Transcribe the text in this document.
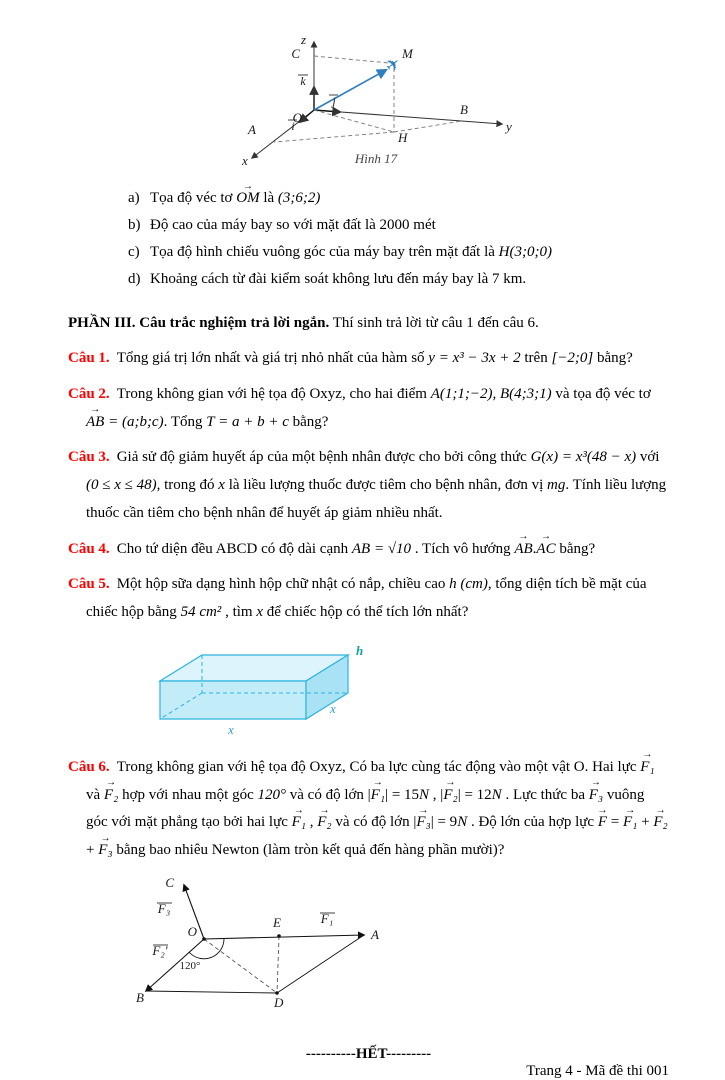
✈
z
y
x
O
C	M
B
A
H
k
j
i
Hình 17
a) Tọa độ véc tơ OM → là (3;6;2)
b) Độ cao của máy bay so với mặt đất là 2000 mét
c) Tọa độ hình chiếu vuông góc của máy bay trên mặt đất là H(3;0;0)
d) Khoảng cách từ đài kiểm soát không lưu đến máy bay là 7 km.
PHẦN III. Câu trắc nghiệm trả lời ngắn. Thí sinh trả lời từ câu 1 đến câu 6.
Câu 1. Tổng giá trị lớn nhất và giá trị nhỏ nhất của hàm số y = x³ − 3x + 2 trên [−2;0] bằng?
Câu 2. Trong không gian với hệ tọa độ Oxyz, cho hai điểm A(1;1;−2), B(4;3;1) và tọa độ véc tơ AB → = (a;b;c). Tổng T = a + b + c bằng?
Câu 3. Giả sử độ giảm huyết áp của một bệnh nhân được cho bởi công thức G(x) = x³(48 − x) với (0 ≤ x ≤ 48), trong đó x là liều lượng thuốc được tiêm cho bệnh nhân, đơn vị mg. Tính liều lượng thuốc cần tiêm cho bệnh nhân để huyết áp giảm nhiều nhất.
Câu 4. Cho tứ diện đều ABCD có độ dài cạnh AB = √10 . Tích vô hướng AB →.AC → bằng?
Câu 5. Một hộp sữa dạng hình hộp chữ nhật có nắp, chiều cao h (cm), tổng diện tích bề mặt của chiếc hộp bằng 54 cm² , tìm x để chiếc hộp có thể tích lớn nhất?
h
x
x
Câu 6. Trong không gian với hệ tọa độ Oxyz, Có ba lực cùng tác động vào một vật O. Hai lực F₁ → và F₂ → hợp với nhau một góc 120° và có độ lớn |F₁ →| = 15N , |F₂ →| = 12N . Lực thức ba F₃ → vuông góc với mặt phẳng tạo bởi hai lực F₁ → , F₂ → và có độ lớn |F₃ →| = 9N . Độ lớn của hợp lực F → = F₁ → + F₂ → + F₃ → bằng bao nhiêu Newton (làm tròn kết quả đến hàng phần mười)?
C
A
B	D
E
O
F₃
F₁
F₂′
120°
----------HẾT---------
Trang 4 - Mã đề thi 001
